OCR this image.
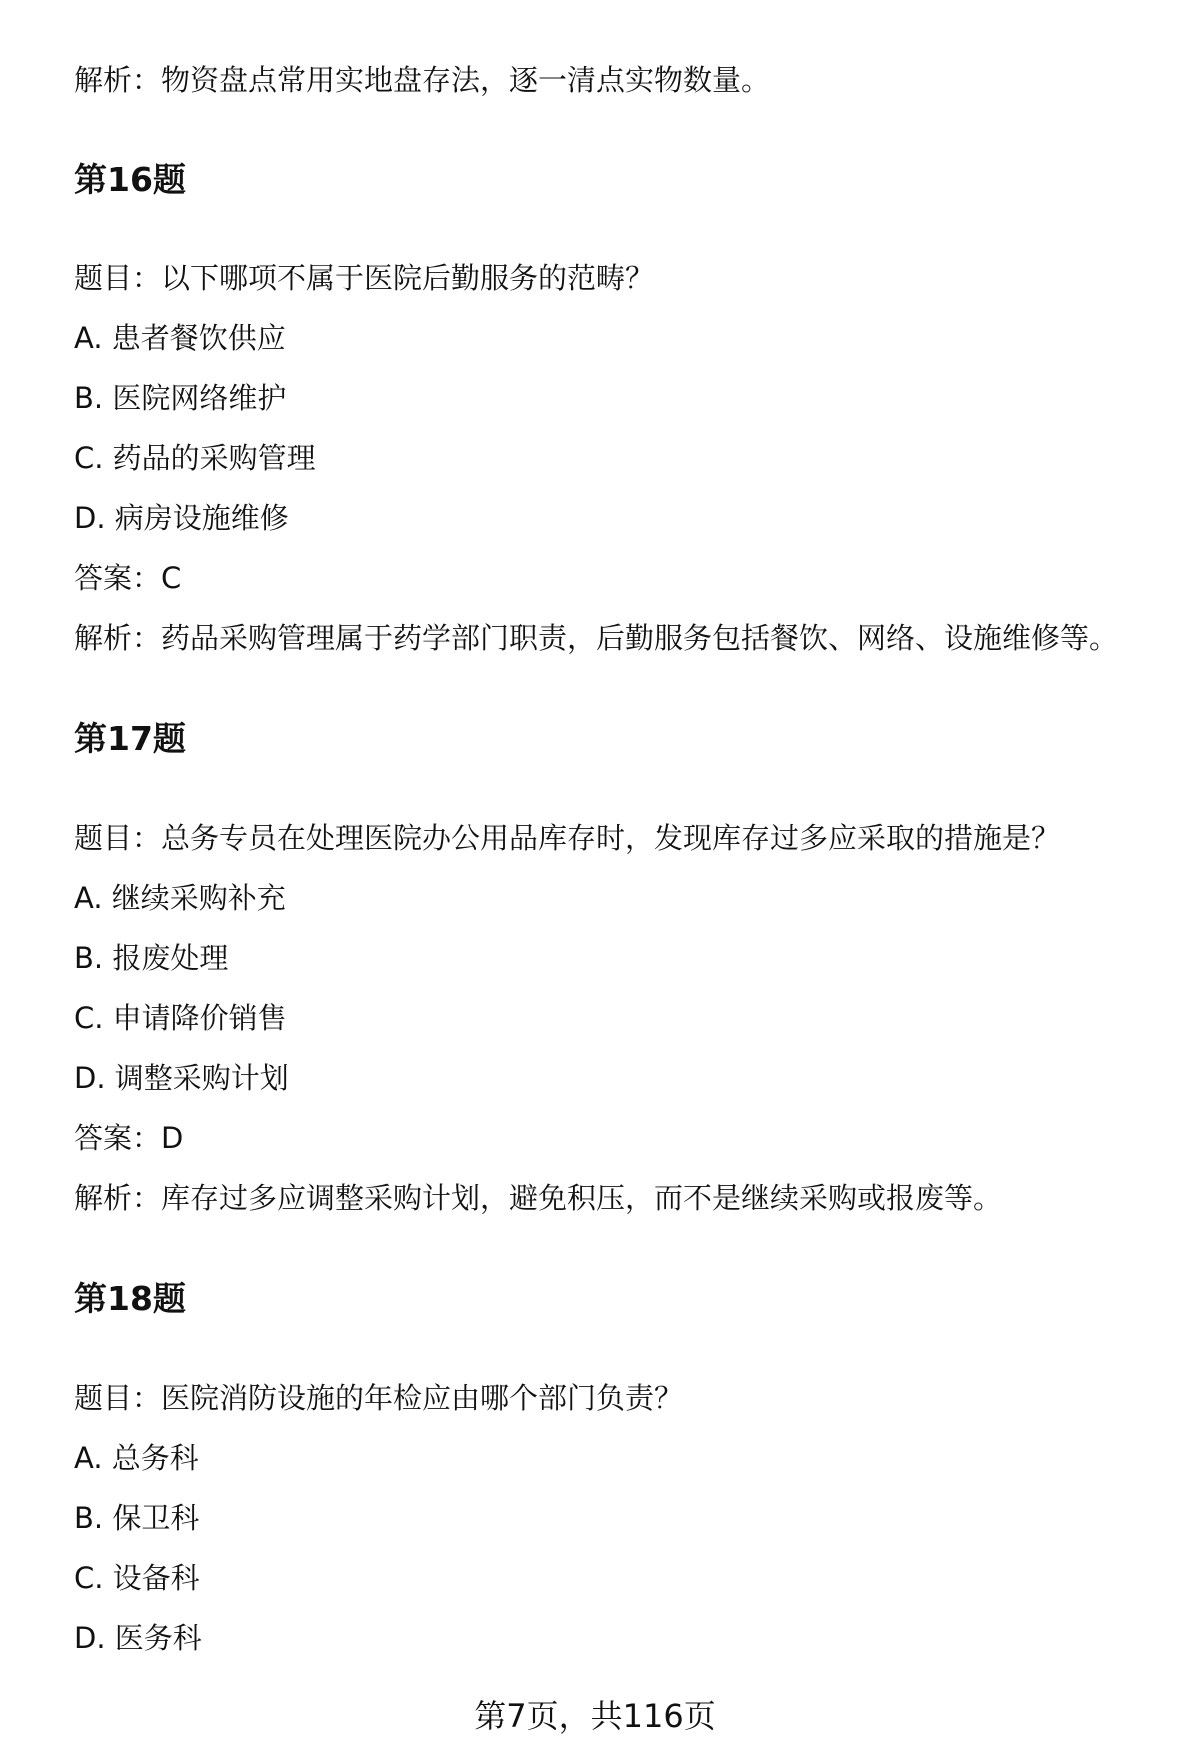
解析：物资盘点常用实地盘存法，逐一清点实物数量。
第16题
题目：以下哪项不属于医院后勤服务的范畴？
A. 患者餐饮供应
B. 医院网络维护
C. 药品的采购管理
D. 病房设施维修
答案：C
解析：药品采购管理属于药学部门职责，后勤服务包括餐饮、网络、设施维修等。
第17题
题目：总务专员在处理医院办公用品库存时，发现库存过多应采取的措施是？
A. 继续采购补充
B. 报废处理
C. 申请降价销售
D. 调整采购计划
答案：D
解析：库存过多应调整采购计划，避免积压，而不是继续采购或报废等。
第18题
题目：医院消防设施的年检应由哪个部门负责？
A. 总务科
B. 保卫科
C. 设备科
D. 医务科
第7页，共116页
